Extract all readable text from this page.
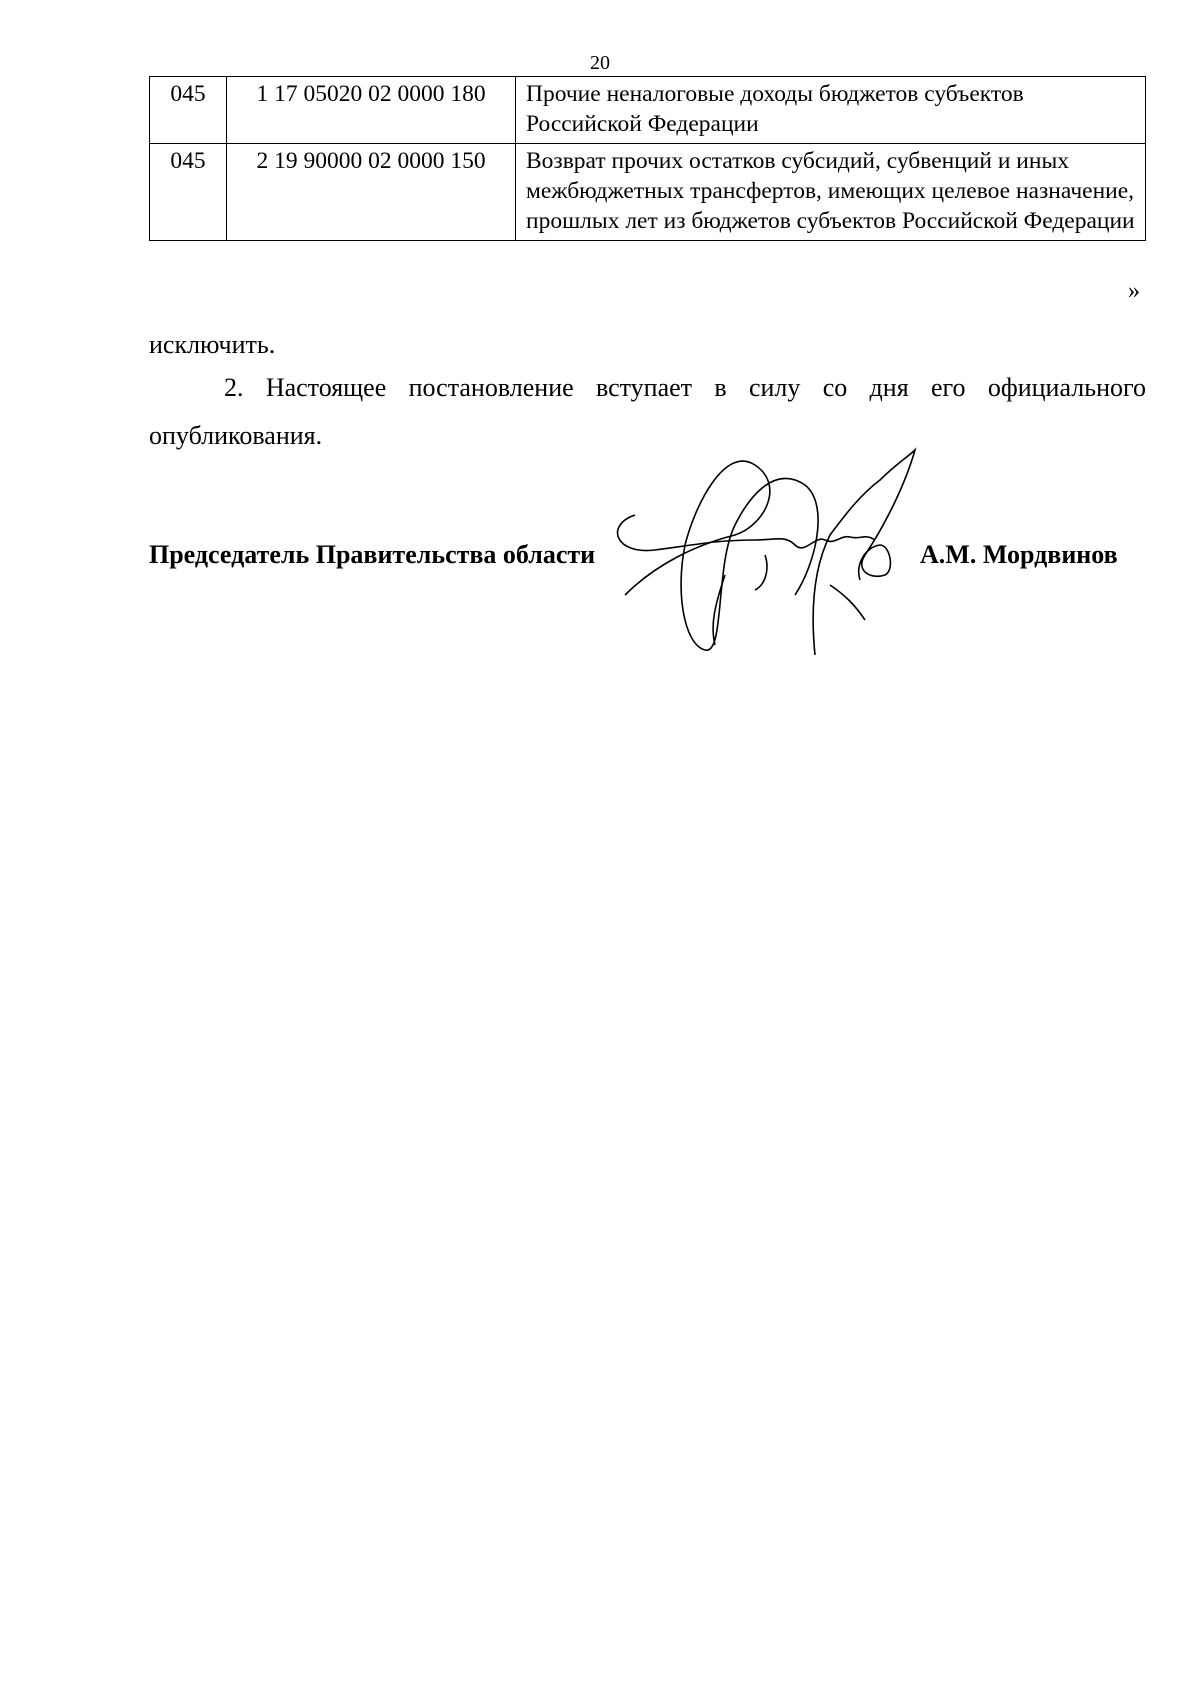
20
045	1 17 05020 02 0000 180	Прочие неналоговые доходы бюджетов субъектов Российской Федерации
045	2 19 90000 02 0000 150	Возврат прочих остатков субсидий, субвенций и иных межбюджетных трансфертов, имеющих целевое назначение, прошлых лет из бюджетов субъектов Российской Федерации
»
исключить.
2. Настоящее постановление вступает в силу со дня его официального опубликования.
Председатель Правительства области	А.М. Мордвинов
